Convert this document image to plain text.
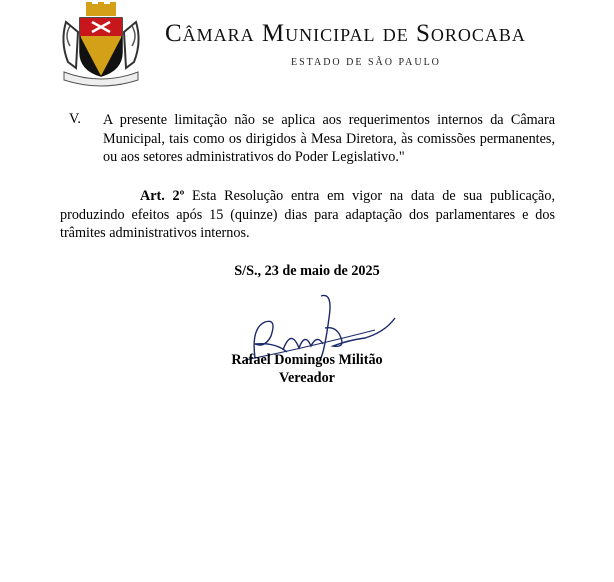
Câmara Municipal de Sorocaba
ESTADO DE SÃO PAULO
V. A presente limitação não se aplica aos requerimentos internos da Câmara Municipal, tais como os dirigidos à Mesa Diretora, às comissões permanentes, ou aos setores administrativos do Poder Legislativo."
Art. 2º Esta Resolução entra em vigor na data de sua publicação, produzindo efeitos após 15 (quinze) dias para adaptação dos parlamentares e dos trâmites administrativos internos.
S/S., 23 de maio de 2025
Rafael Domingos Militão
Vereador
